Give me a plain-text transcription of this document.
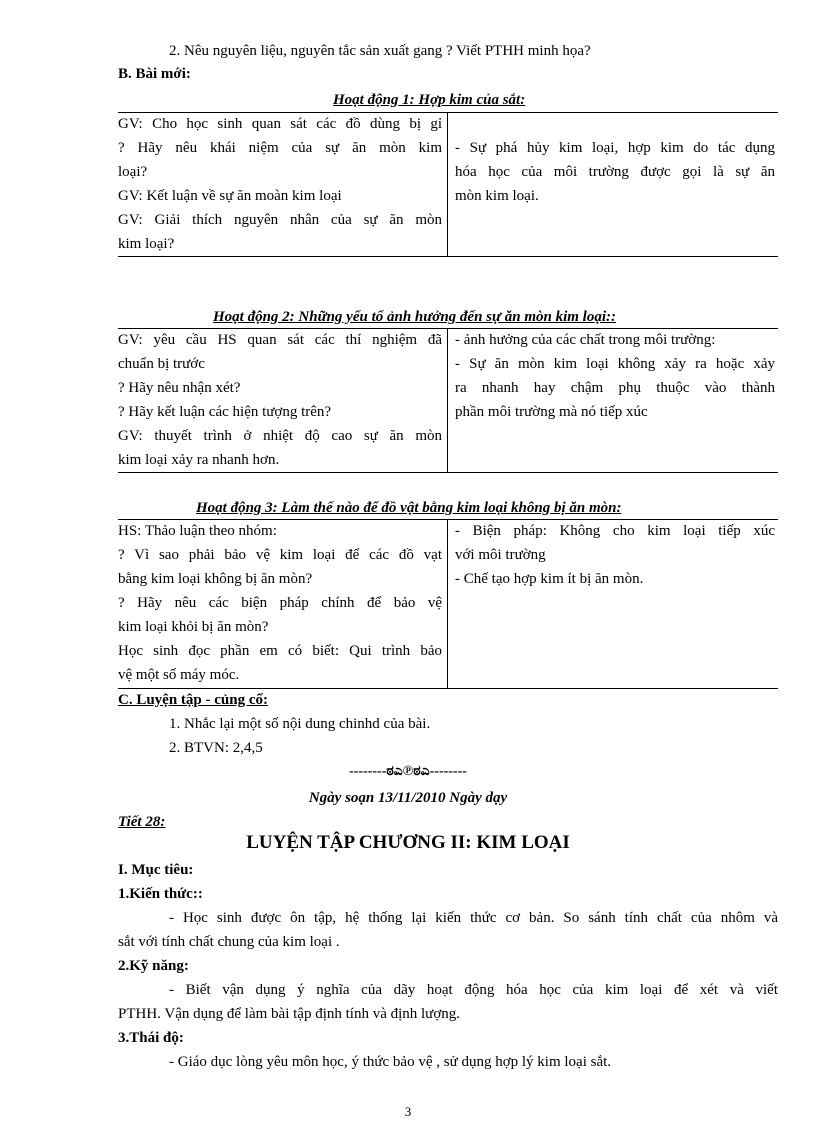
2. Nêu nguyên liệu, nguyên tắc sản xuất gang ? Viết PTHH minh họa?
B. Bài mới:
Hoạt động 1: Hợp kim của sắt:
GV: Cho học sinh quan sát các đồ dùng bị gỉ
? Hãy nêu khái niệm của sự ăn mòn kim
loại?
GV: Kết luận về sự ăn moàn kim loại
GV: Giải thích nguyên nhân của sự ăn mòn
kim loại?
- Sự phá hủy kim loại, hợp kim do tác dụng
hóa học của môi trường được gọi là sự ăn
mòn kim loại.
Hoạt động 2: Những yếu tố ảnh hưởng đến sự ăn mòn kim loại::
GV: yêu cầu HS quan sát các thí nghiệm đã
chuẩn bị trước
? Hãy nêu nhận xét?
? Hãy kết luận các hiện tượng trên?
GV: thuyết trình ở nhiệt độ cao sự ăn mòn
kim loại xảy ra nhanh hơn.
- ảnh hưởng của các chất trong môi trường:
- Sự ăn mòn kim loại không xảy ra hoặc xảy
ra nhanh hay chậm phụ thuộc vào thành
phần môi trường mà nó tiếp xúc
Hoạt động 3: Làm thế nào để đồ vật bằng kim loại không bị ăn mòn:
HS: Thảo luận theo nhóm:
? Vì sao phải bảo vệ kim loại để các đồ vạt
bằng kim loại không bị ăn mòn?
? Hãy nêu các biện pháp chính để bảo vệ
kim loại khỏi bị ăn mòn?
Học sinh đọc phần em có biết: Qui trình bảo
vệ một số máy móc.
- Biện pháp: Không cho kim loại tiếp xúc
với môi trường
- Chế tạo hợp kim ít bị ăn mòn.
C. Luyện tập - củng cố:
1. Nhắc lại một số nội dung chinhd của bài.
2. BTVN: 2,4,5
--------ಠಎ℗ಠಎ--------
Ngày soạn 13/11/2010 Ngày dạy
Tiết 28:
LUYỆN TẬP CHƯƠNG II: KIM LOẠI
I. Mục tiêu:
1.Kiến thức::
- Học sinh được ôn tập, hệ thống lại kiến thức cơ bản. So sánh tính chất của nhôm và
sắt với tính chất chung của kim loại .
2.Kỹ năng:
- Biết vận dụng ý nghĩa của dãy hoạt động hóa học của kim loại để xét và viết
PTHH. Vận dụng để làm bài tập định tính và định lượng.
3.Thái độ:
- Giáo dục lòng yêu môn học, ý thức bảo vệ , sử dụng hợp lý kim loại sắt.
3
